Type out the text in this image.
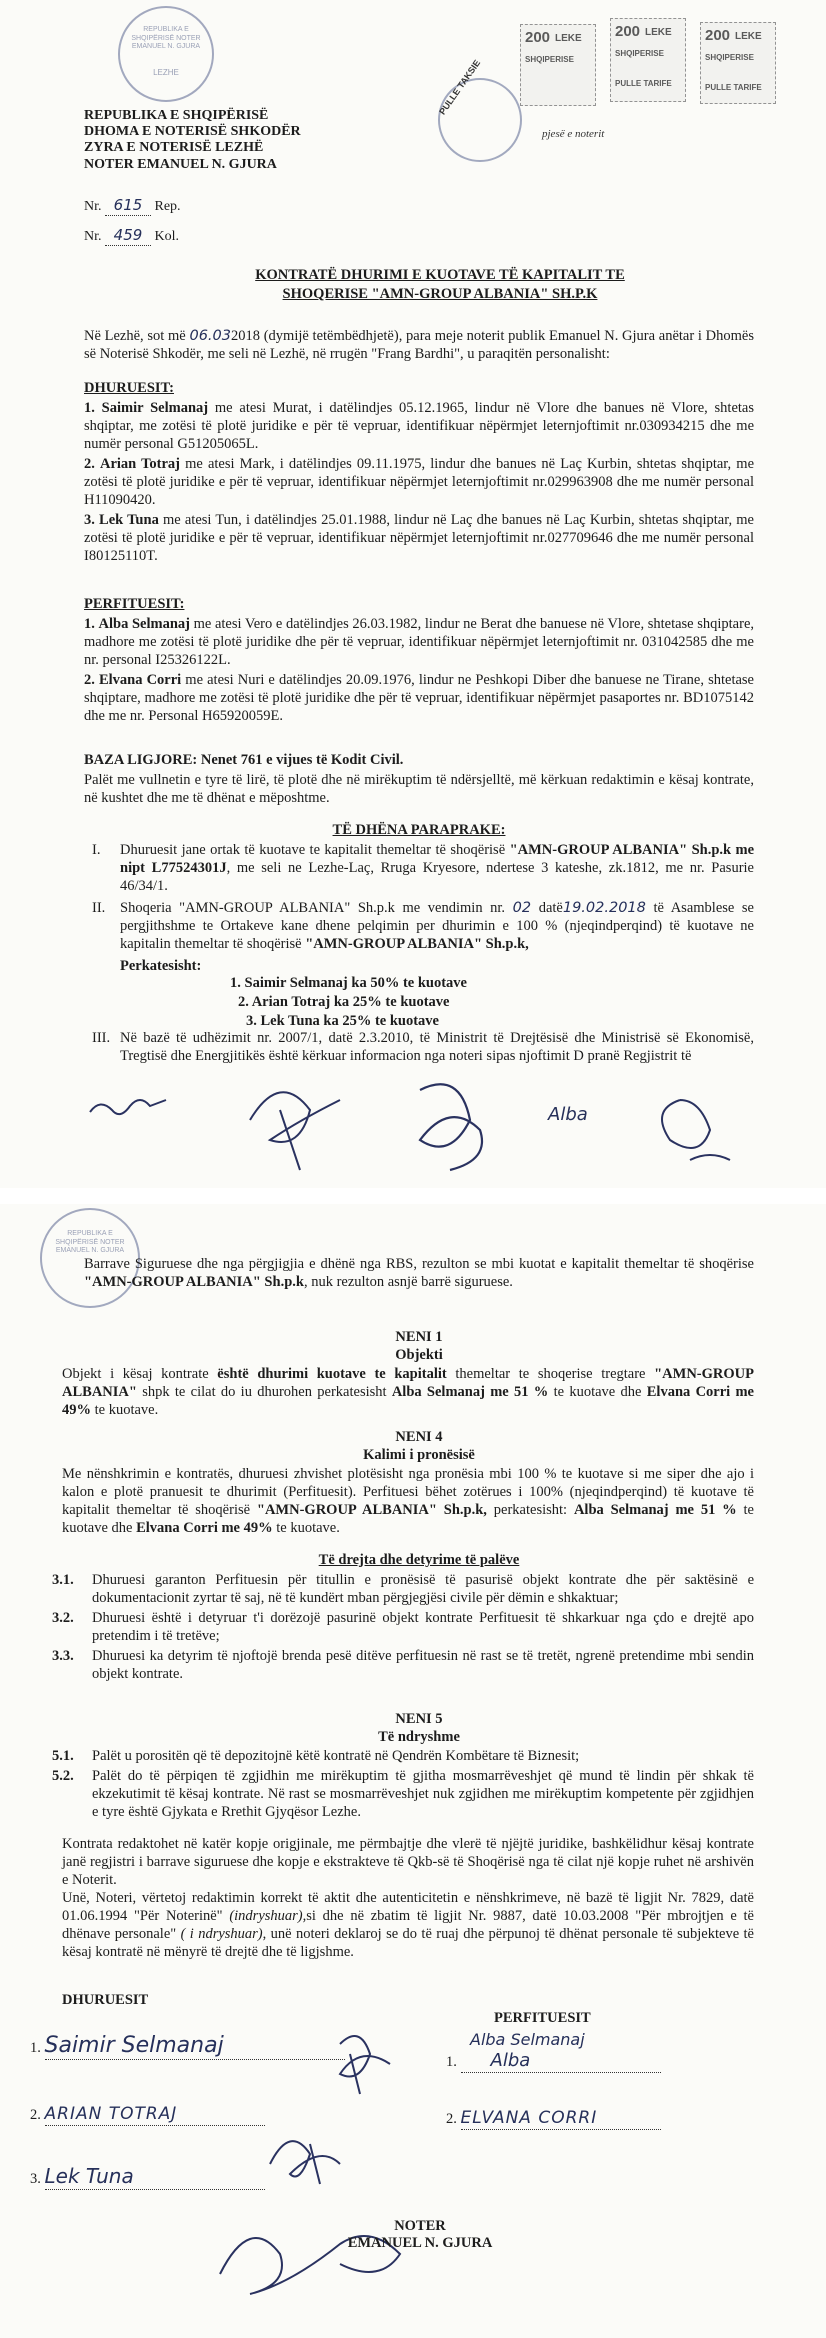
REPUBLIKA E SHQIPËRISË NOTER EMANUEL N. GJURA
LEZHE
200 LEKE
SHQIPERISE
200 LEKE
SHQIPERISE
PULLE TARIFE
200 LEKE
SHQIPERISE
PULLE TARIFE
PULLE TAKSIE
pjesë e noterit
REPUBLIKA E SHQIPËRISË
DHOMA E NOTERISË SHKODËR
ZYRA E NOTERISË LEZHË
NOTER EMANUEL N. GJURA
Nr. 615 Rep.
Nr. 459 Kol.
KONTRATË DHURIMI E KUOTAVE TË KAPITALIT TE
SHOQERISE "AMN-GROUP ALBANIA" SH.P.K
Në Lezhë, sot më 06.032018 (dymijë tetëmbëdhjetë), para meje noterit publik Emanuel N. Gjura anëtar i Dhomës së Noterisë Shkodër, me seli në Lezhë, në rrugën "Frang Bardhi", u paraqitën personalisht:
DHURUESIT:
1. Saimir Selmanaj me atesi Murat, i datëlindjes 05.12.1965, lindur në Vlore dhe banues në Vlore, shtetas shqiptar, me zotësi të plotë juridike e për të vepruar, identifikuar nëpërmjet leternjoftimit nr.030934215 dhe me numër personal G51205065L.
2. Arian Totraj me atesi Mark, i datëlindjes 09.11.1975, lindur dhe banues në Laç Kurbin, shtetas shqiptar, me zotësi të plotë juridike e për të vepruar, identifikuar nëpërmjet leternjoftimit nr.029963908 dhe me numër personal H11090420.
3. Lek Tuna me atesi Tun, i datëlindjes 25.01.1988, lindur në Laç dhe banues në Laç Kurbin, shtetas shqiptar, me zotësi të plotë juridike e për të vepruar, identifikuar nëpërmjet leternjoftimit nr.027709646 dhe me numër personal I80125110T.
PERFITUESIT:
1. Alba Selmanaj me atesi Vero e datëlindjes 26.03.1982, lindur ne Berat dhe banuese në Vlore, shtetase shqiptare, madhore me zotësi të plotë juridike dhe për të vepruar, identifikuar nëpërmjet leternjoftimit nr. 031042585 dhe me nr. personal I25326122L.
2. Elvana Corri me atesi Nuri e datëlindjes 20.09.1976, lindur ne Peshkopi Diber dhe banuese ne Tirane, shtetase shqiptare, madhore me zotësi të plotë juridike dhe për të vepruar, identifikuar nëpërmjet pasaportes nr. BD1075142 dhe me nr. Personal H65920059E.
BAZA LIGJORE: Nenet 761 e vijues të Kodit Civil.
Palët me vullnetin e tyre të lirë, të plotë dhe në mirëkuptim të ndërsjelltë, më kërkuan redaktimin e kësaj kontrate, në kushtet dhe me të dhënat e mëposhtme.
TË DHËNA PARAPRAKE:
I.	Dhuruesit jane ortak të kuotave te kapitalit themeltar të shoqërisë "AMN-GROUP ALBANIA" Sh.p.k me nipt L77524301J, me seli ne Lezhe-Laç, Rruga Kryesore, ndertese 3 kateshe, zk.1812, me nr. Pasurie 46/34/1.
II.	Shoqeria "AMN-GROUP ALBANIA" Sh.p.k me vendimin nr. 02 datë19.02.2018 të Asamblese se pergjithshme te Ortakeve kane dhene pelqimin per dhurimin e 100 % (njeqindperqind) të kuotave ne kapitalin themeltar të shoqërisë "AMN-GROUP ALBANIA" Sh.p.k,
Perkatesisht:
1. Saimir Selmanaj ka 50% te kuotave
2. Arian Totraj ka 25% te kuotave
3. Lek Tuna ka 25% te kuotave
III. Në bazë të udhëzimit nr. 2007/1, datë 2.3.2010, të Ministrit të Drejtësisë dhe Ministrisë së Ekonomisë, Tregtisë dhe Energjitikës është kërkuar informacion nga noteri sipas njoftimit D pranë Regjistrit të
Alba
REPUBLIKA E SHQIPËRISË NOTER EMANUEL N. GJURA
Barrave Siguruese dhe nga përgjigjia e dhënë nga RBS, rezulton se mbi kuotat e kapitalit themeltar të shoqërise "AMN-GROUP ALBANIA" Sh.p.k, nuk rezulton asnjë barrë siguruese.
NENI 1
Objekti
Objekt i kësaj kontrate është dhurimi kuotave te kapitalit themeltar te shoqerise tregtare "AMN-GROUP ALBANIA" shpk te cilat do iu dhurohen perkatesisht Alba Selmanaj me 51 % te kuotave dhe Elvana Corri me 49% te kuotave.
NENI 4
Kalimi i pronësisë
Me nënshkrimin e kontratës, dhuruesi zhvishet plotësisht nga pronësia mbi 100 % te kuotave si me siper dhe ajo i kalon e plotë pranuesit te dhurimit (Perfituesit). Perfituesi bëhet zotërues i 100% (njeqindperqind) të kuotave të kapitalit themeltar të shoqërisë "AMN-GROUP ALBANIA" Sh.p.k, perkatesisht: Alba Selmanaj me 51 % te kuotave dhe Elvana Corri me 49% te kuotave.
Të drejta dhe detyrime të palëve
3.1.	Dhuruesi garanton Perfituesin për titullin e pronësisë të pasurisë objekt kontrate dhe për saktësinë e dokumentacionit zyrtar të saj, në të kundërt mban përgjegjësi civile për dëmin e shkaktuar;
3.2.	Dhuruesi është i detyruar t'i dorëzojë pasurinë objekt kontrate Perfituesit të shkarkuar nga çdo e drejtë apo pretendim i të tretëve;
3.3.	Dhuruesi ka detyrim të njoftojë brenda pesë ditëve perfituesin në rast se të tretët, ngrenë pretendime mbi sendin objekt kontrate.
NENI 5
Të ndryshme
5.1.	Palët u porositën që të depozitojnë këtë kontratë në Qendrën Kombëtare të Biznesit;
5.2.	Palët do të përpiqen të zgjidhin me mirëkuptim të gjitha mosmarrëveshjet që mund të lindin për shkak të ekzekutimit të kësaj kontrate. Në rast se mosmarrëveshjet nuk zgjidhen me mirëkuptim kompetente për zgjidhjen e tyre është Gjykata e Rrethit Gjyqësor Lezhe.
Kontrata redaktohet në katër kopje origjinale, me përmbajtje dhe vlerë të njëjtë juridike, bashkëlidhur kësaj kontrate janë regjistri i barrave siguruese dhe kopje e ekstrakteve të Qkb-së të Shoqërisë nga të cilat një kopje ruhet në arshivën e Noterit.
Unë, Noteri, vërtetoj redaktimin korrekt të aktit dhe autenticitetin e nënshkrimeve, në bazë të ligjit Nr. 7829, datë 01.06.1994 "Për Noterinë" (indryshuar),si dhe në zbatim të ligjit Nr. 9887, datë 10.03.2008 "Për mbrojtjen e të dhënave personale" ( i ndryshuar), unë noteri deklaroj se do të ruaj dhe përpunoj të dhënat personale të subjekteve të kësaj kontratë në mënyrë të drejtë dhe të ligjshme.
DHURUESIT
PERFITUESIT
1. Saimir Selmanaj
2. ARIAN TOTRAJ
3. Lek Tuna
Alba Selmanaj
1. Alba
2. ELVANA CORRI
NOTER
EMANUEL N. GJURA
